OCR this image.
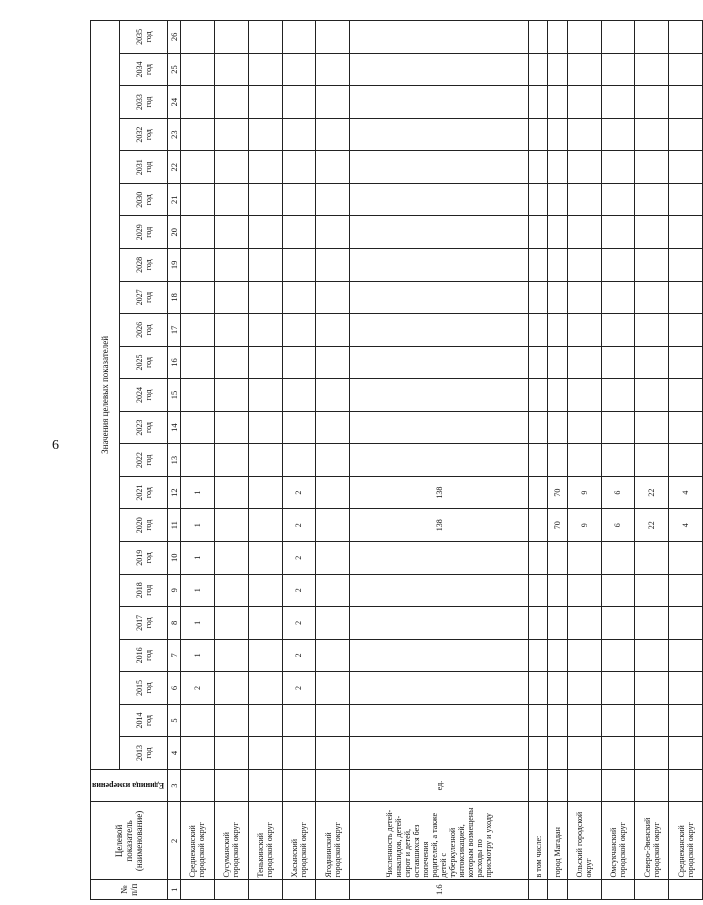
6
№ п/п	Целевой показатель (наименование)	Единица измерения	Значения целевых показателей																						
			2013 год	2014 год	2015 год	2016 год	2017 год	2018 год	2019 год	2020 год	2021 год	2022 год	2023 год	2024 год	2025 год	2026 год	2027 год	2028 год	2029 год	2030 год	2031 год	2032 год	2033 год	2034 год	2035 год
1	2	3	4	5	6	7	8	9	10	11	12	13	14	15	16	17	18	19	20	21	22	23	24	25	26
	Среднеканский городской округ				2	1	1	1	1	1	1														
	Сусуманский городской округ																								
	Тенькинский городской округ																								
	Хасынский городской округ				2	2	2	2	2	2	2														
	Ягоднинский городской округ																								
1.6	Численность детей-инвалидов, детей-сирот и детей, оставшихся без попечения родителей, а также детей с туберкулезной интоксикацией, которым возмещены расходы по присмотру и уходу	ед.								138	138														
	в том числе:																								
	город Магадан									70	70														
	Ольский городской округ									9	9														
	Омсукчанский городской округ									6	6														
	Северо-Эвенский городской округ									22	22														
	Среднеканский городской округ									4	4														
